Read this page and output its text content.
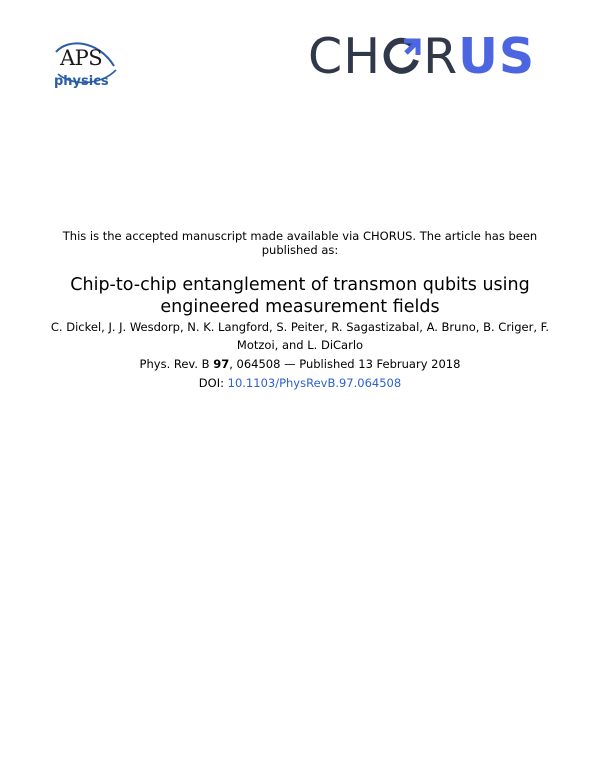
APS
physics	CH R US
This is the accepted manuscript made available via CHORUS. The article has been published as:
Chip-to-chip entanglement of transmon qubits using engineered measurement fields
C. Dickel, J. J. Wesdorp, N. K. Langford, S. Peiter, R. Sagastizabal, A. Bruno, B. Criger, F. Motzoi, and L. DiCarlo
Phys. Rev. B 97, 064508 — Published 13 February 2018
DOI: 10.1103/PhysRevB.97.064508
